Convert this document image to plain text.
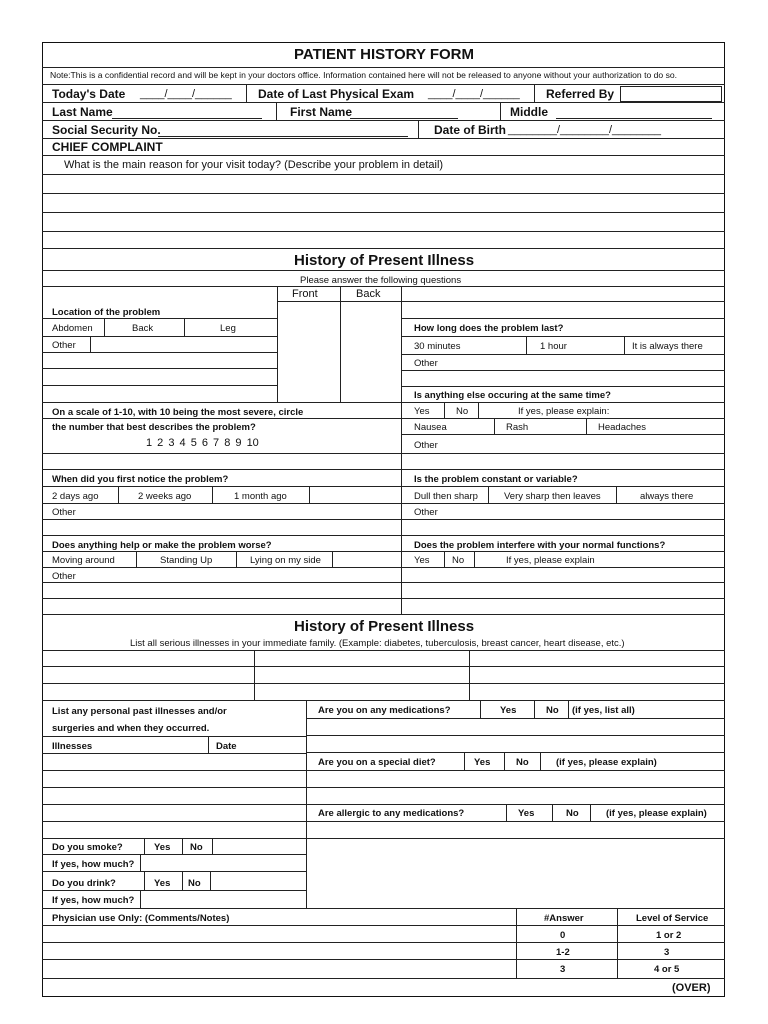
PATIENT HISTORY FORM
Note:This is a confidential record and will be kept in your doctors office. Information contained here will not be released to anyone without your authorization to do so.
Today's Date ____/____/______ Date of Last Physical Exam ____/____/______ Referred By
Last Name	First Name	Middle
Social Security No.	Date of Birth ________/________/________
CHIEF COMPLAINT
What is the main reason for your visit today? (Describe your problem in detail)
History of Present Illness
Please answer the following questions
Front	Back
Location of the problem
Abdomen	Back	Leg
Other
How long does the problem last?
30 minutes	1 hour	It is always there
Other
Is anything else occuring at the same time?
Yes	No	If yes, please explain:
Nausea	Rash	Headaches
Other
On a scale of 1-10, with 10 being the most severe, circle
the number that best describes the problem?
1 2 3 4 5 6 7 8 9 10
When did you first notice the problem?
2 days ago	2 weeks ago	1 month ago
Other
Is the problem constant or variable?
Dull then sharp	Very sharp then leaves	always there
Other
Does anything help or make the problem worse?
Moving around	Standing Up	Lying on my side
Other
Does the problem interfere with your normal functions?
Yes No	If yes, please explain
History of Present Illness
List all serious illnesses in your immediate family. (Example: diabetes, tuberculosis, breast cancer, heart disease, etc.)
List any personal past illnesses and/or
surgeries and when they occurred.
Illnesses	Date
Are you on any medications?	Yes	No (if yes, list all)
Are you on a special diet?	Yes	No	(if yes, please explain)
Are allergic to any medications?	Yes	No	(if yes, please explain)
Do you smoke?	Yes No
If yes, how much?
Do you drink?	Yes No
If yes, how much?
Physician use Only: (Comments/Notes)	#Answer	Level of Service
0	1 or 2
1-2	3
3	4 or 5
(OVER)
